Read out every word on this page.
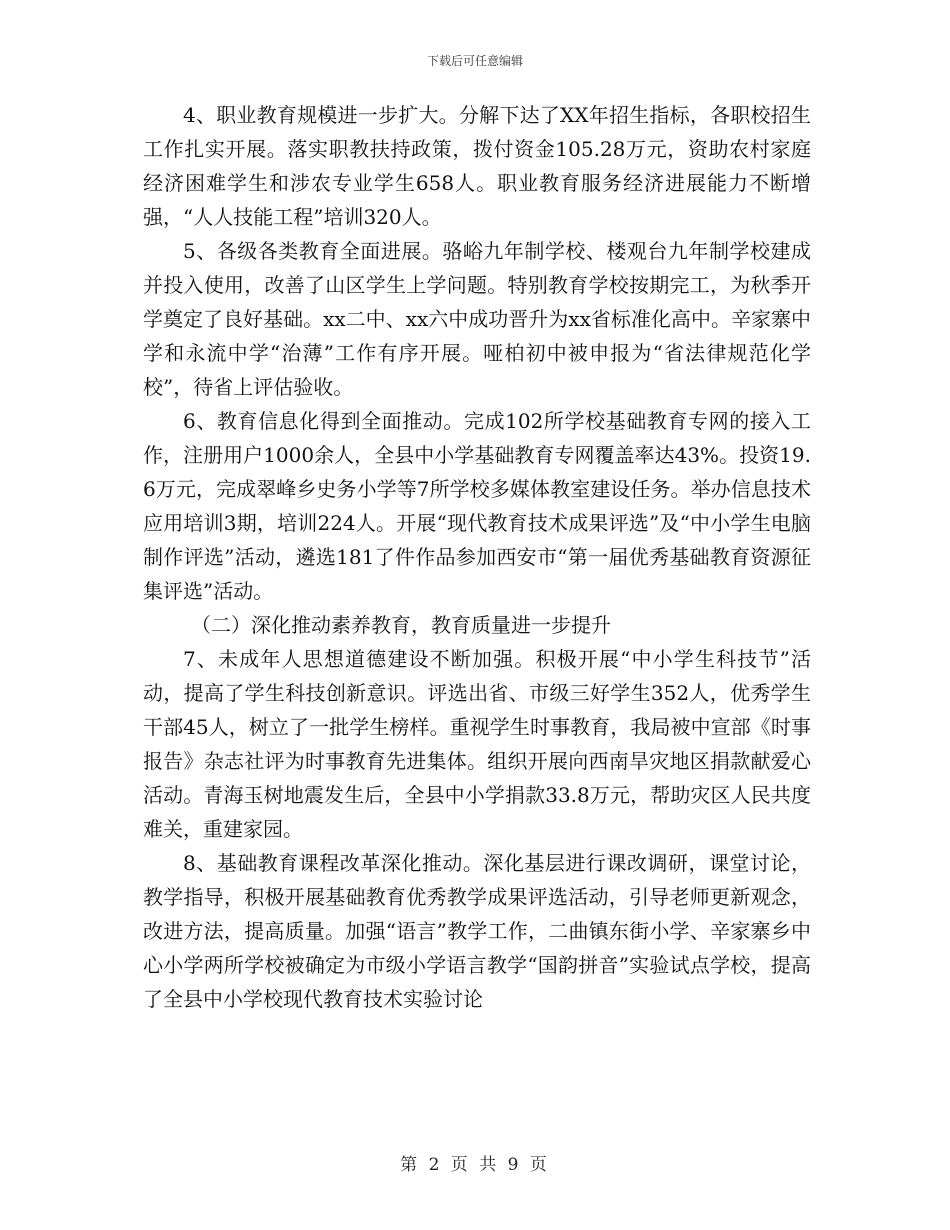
下载后可任意编辑

4、职业教育规模进一步扩大。分解下达了XX年招生指标，各职校招生工作扎实开展。落实职教扶持政策，拨付资金105.28万元，资助农村家庭经济困难学生和涉农专业学生658人。职业教育服务经济进展能力不断增强，“人人技能工程”培训320人。

5、各级各类教育全面进展。骆峪九年制学校、楼观台九年制学校建成并投入使用，改善了山区学生上学问题。特别教育学校按期完工，为秋季开学奠定了良好基础。xx二中、xx六中成功晋升为xx省标准化高中。辛家寨中学和永流中学“治薄”工作有序开展。哑柏初中被申报为“省法律规范化学校”，待省上评估验收。

6、教育信息化得到全面推动。完成102所学校基础教育专网的接入工作，注册用户1000余人，全县中小学基础教育专网覆盖率达43%。投资19.6万元，完成翠峰乡史务小学等7所学校多媒体教室建设任务。举办信息技术应用培训3期，培训224人。开展“现代教育技术成果评选”及“中小学生电脑制作评选”活动，遴选181了件作品参加西安市“第一届优秀基础教育资源征集评选”活动。

（二）深化推动素养教育，教育质量进一步提升

7、未成年人思想道德建设不断加强。积极开展“中小学生科技节”活动，提高了学生科技创新意识。评选出省、市级三好学生352人，优秀学生干部45人，树立了一批学生榜样。重视学生时事教育，我局被中宣部《时事报告》杂志社评为时事教育先进集体。组织开展向西南旱灾地区捐款献爱心活动。青海玉树地震发生后，全县中小学捐款33.8万元，帮助灾区人民共度难关，重建家园。

8、基础教育课程改革深化推动。深化基层进行课改调研，课堂讨论，教学指导，积极开展基础教育优秀教学成果评选活动，引导老师更新观念，改进方法，提高质量。加强“语言”教学工作，二曲镇东街小学、辛家寨乡中心小学两所学校被确定为市级小学语言教学“国韵拼音”实验试点学校，提高了全县中小学校现代教育技术实验讨论

第 2 页 共 9 页
